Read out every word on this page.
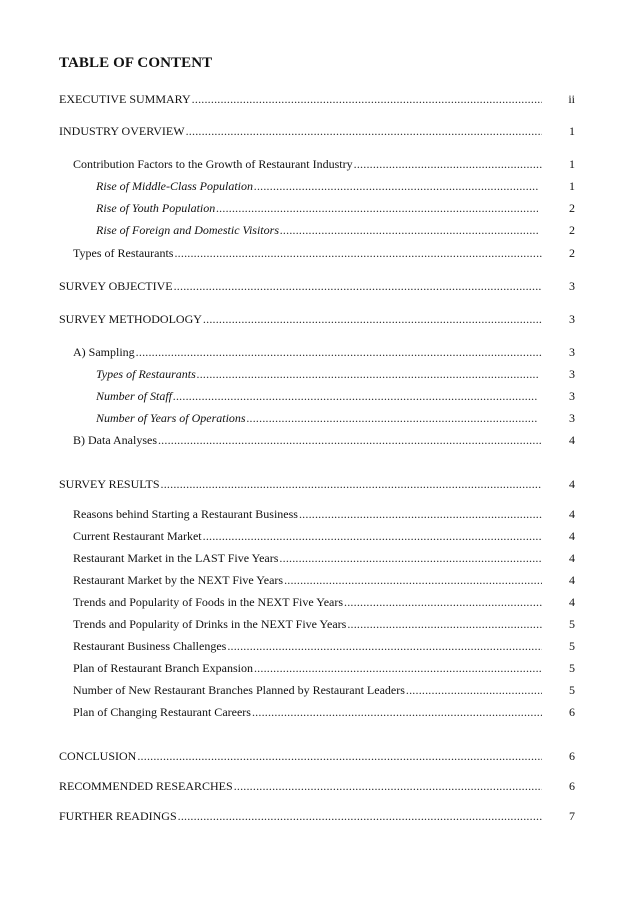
TABLE OF CONTENT
EXECUTIVE SUMMARY .....	ii
INDUSTRY OVERVIEW .....	1
Contribution Factors to the Growth of Restaurant Industry .....	1
Rise of Middle-Class Population .....	1
Rise of Youth Population .....	2
Rise of Foreign and Domestic Visitors .....	2
Types of Restaurants .....	2
SURVEY OBJECTIVE .....	3
SURVEY METHODOLOGY .....	3
A) Sampling .....	3
Types of Restaurants .....	3
Number of Staff .....	3
Number of Years of Operations .....	3
B) Data Analyses .....	4
SURVEY RESULTS .....	4
Reasons behind Starting a Restaurant Business .....	4
Current Restaurant Market .....	4
Restaurant Market in the LAST Five Years .....	4
Restaurant Market by the NEXT Five Years .....	4
Trends and Popularity of Foods in the NEXT Five Years .....	4
Trends and Popularity of Drinks in the NEXT Five Years .....	5
Restaurant Business Challenges .....	5
Plan of Restaurant Branch Expansion .....	5
Number of New Restaurant Branches Planned by Restaurant Leaders .....	5
Plan of Changing Restaurant Careers .....	6
CONCLUSION .....	6
RECOMMENDED RESEARCHES .....	6
FURTHER READINGS .....	7
